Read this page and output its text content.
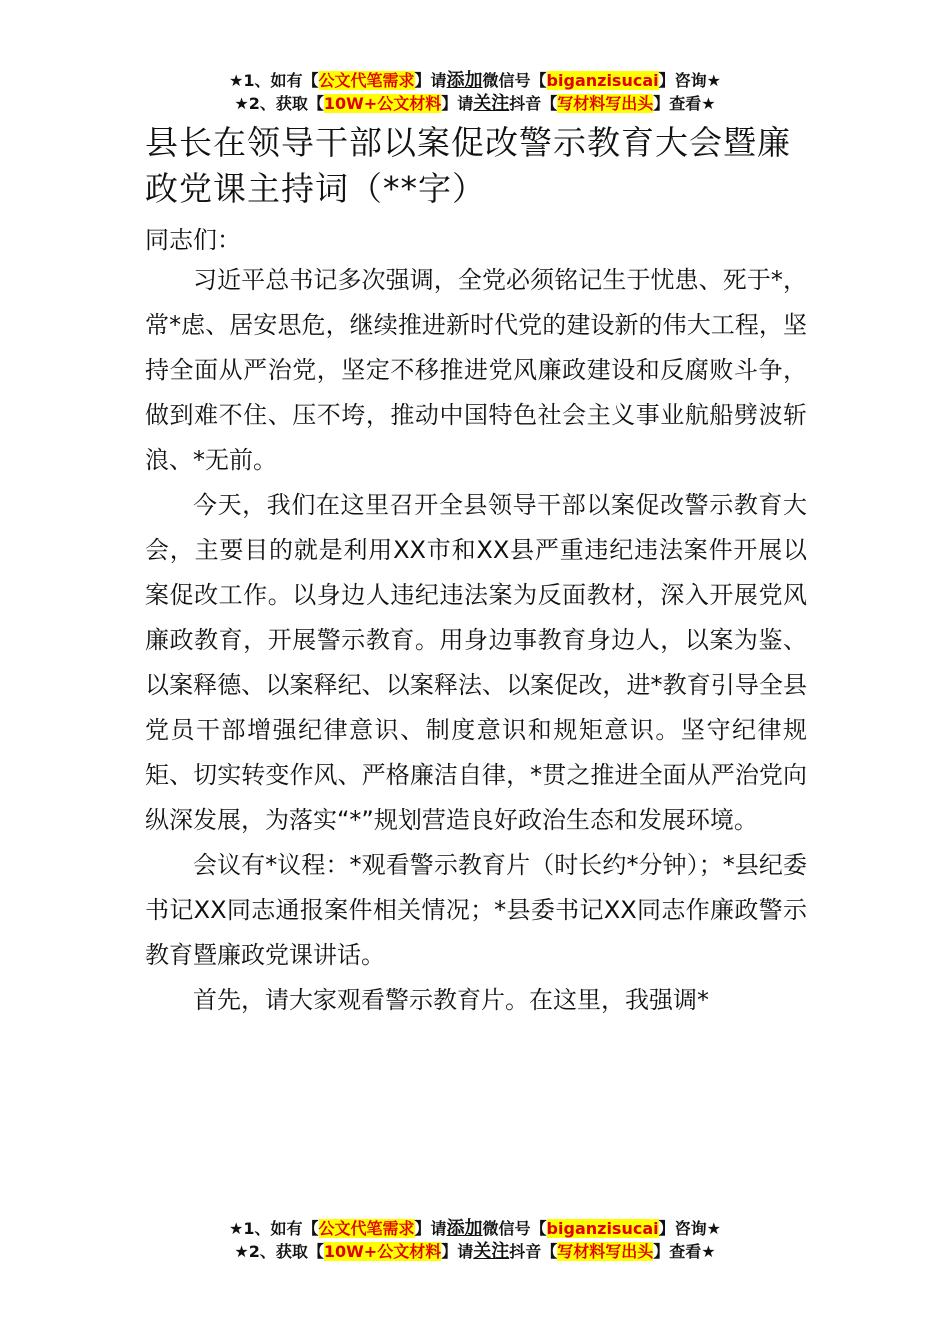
★1、如有【公文代笔需求】请添加微信号【biganzisucai】咨询★
★2、获取【10W+公文材料】请关注抖音【写材料写出头】查看★
县长在领导干部以案促改警示教育大会暨廉政党课主持词（**字）
同志们：

习近平总书记多次强调，全党必须铭记生于忧患、死于*，常*虑、居安思危，继续推进新时代党的建设新的伟大工程，坚持全面从严治党，坚定不移推进党风廉政建设和反腐败斗争，做到难不住、压不垮，推动中国特色社会主义事业航船劈波斩浪、*无前。

今天，我们在这里召开全县领导干部以案促改警示教育大会，主要目的就是利用XX市和XX县严重违纪违法案件开展以案促改工作。以身边人违纪违法案为反面教材，深入开展党风廉政教育，开展警示教育。用身边事教育身边人，以案为鉴、以案释德、以案释纪、以案释法、以案促改，进*教育引导全县党员干部增强纪律意识、制度意识和规矩意识。坚守纪律规矩、切实转变作风、严格廉洁自律，*贯之推进全面从严治党向纵深发展，为落实“*”规划营造良好政治生态和发展环境。

会议有*议程：*观看警示教育片（时长约*分钟）；*县纪委书记XX同志通报案件相关情况；*县委书记XX同志作廉政警示教育暨廉政党课讲话。

首先，请大家观看警示教育片。在这里，我强调*

★1、如有【公文代笔需求】请添加微信号【biganzisucai】咨询★
★2、获取【10W+公文材料】请关注抖音【写材料写出头】查看★
